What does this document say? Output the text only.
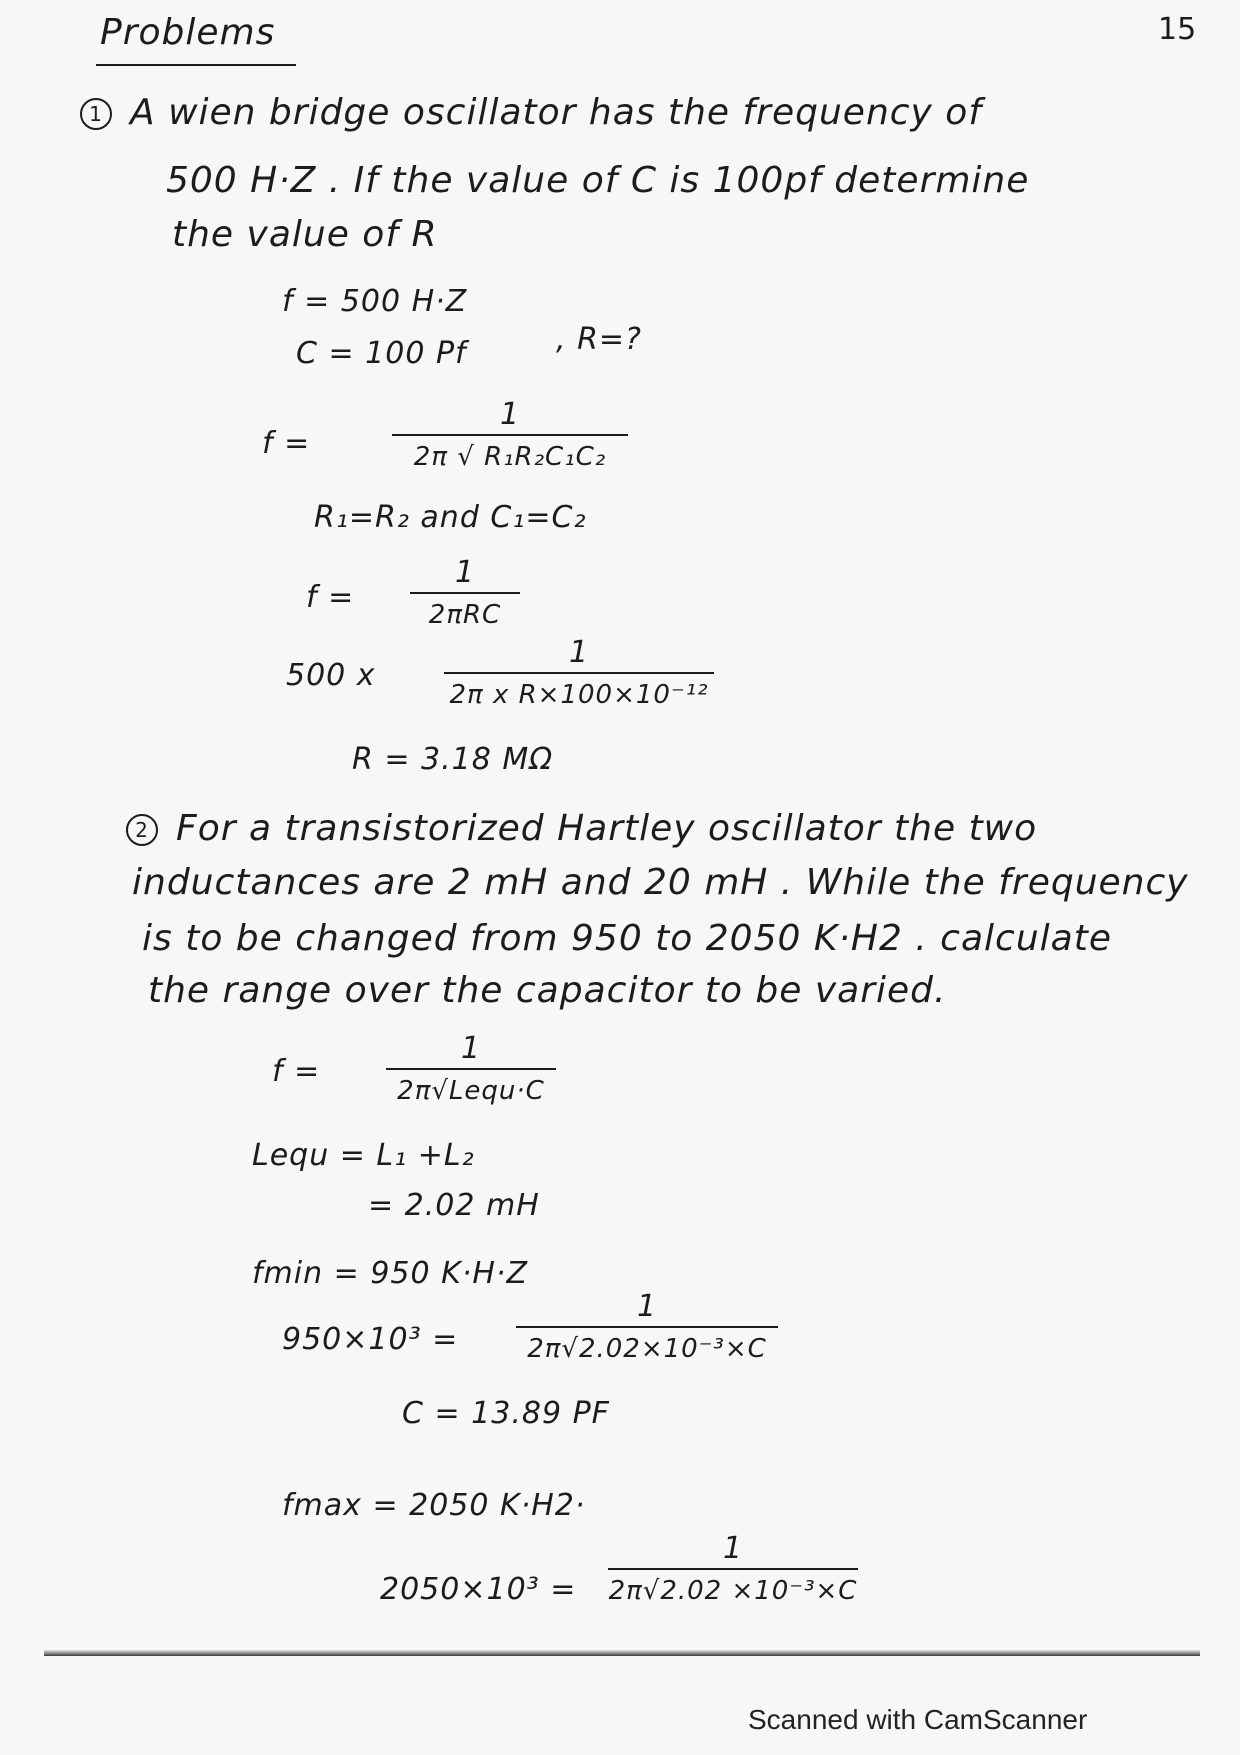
Problems	15
1 A wien bridge oscillator has the frequency of
500 H·Z . If the value of C is 100pf determine
the value of R
f = 500 H·Z
C = 100 Pf	, R=?
f =
1
2π √ R₁R₂C₁C₂
R₁=R₂ and C₁=C₂
f =
1
2πRC
500 x
1
2π x R×100×10⁻¹²
R = 3.18 MΩ
2 For a transistorized Hartley oscillator the two
inductances are 2 mH and 20 mH . While the frequency
is to be changed from 950 to 2050 K·H2 . calculate
the range over the capacitor to be varied.
f =
1
2π√Lequ·C
Lequ = L₁ +L₂
= 2.02 mH
fmin = 950 K·H·Z
950×10³ =
1
2π√2.02×10⁻³×C
C = 13.89 PF
fmax = 2050 K·H2·
2050×10³ =
1
2π√2.02 ×10⁻³×C
Scanned with CamScanner
